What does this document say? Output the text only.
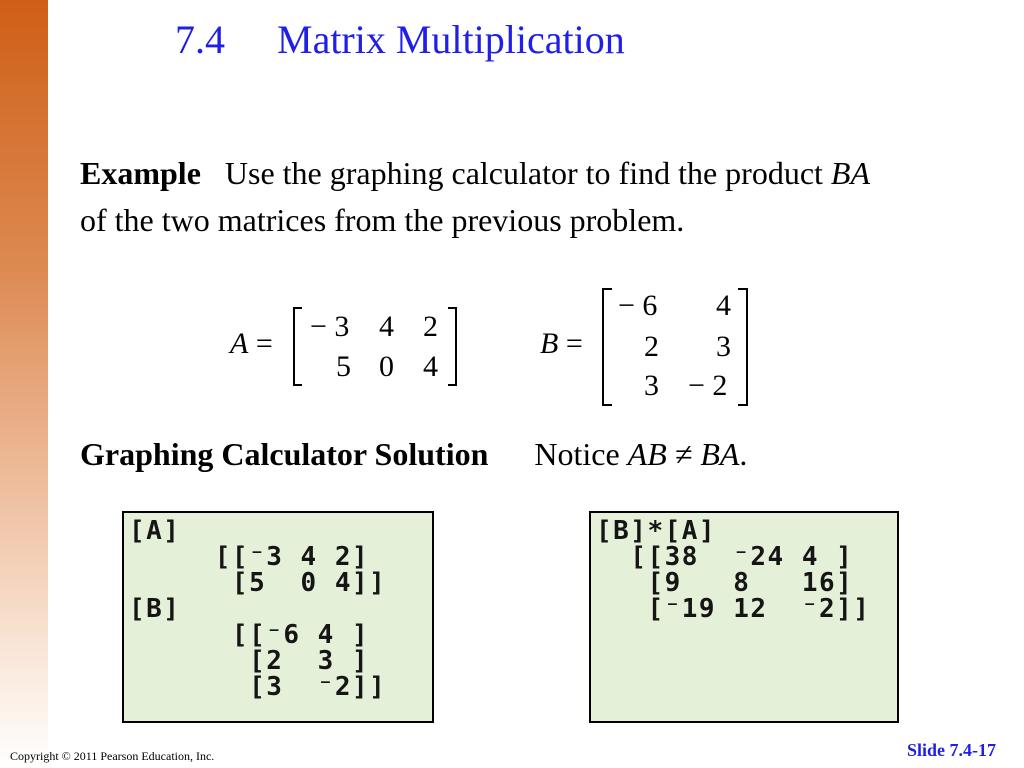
7.4 Matrix Multiplication

Example Use the graphing calculator to find the product BA of the two matrices from the previous problem.

A =
− 3 4 2
5 0 4
B =
− 6 4
2 3
3 − 2

Graphing Calculator Solution Notice AB ≠ BA.

[A]
[[⁻3 4 2]
[5  0 4]]
[B]
[[⁻6 4 ]
[2  3 ]
[3  ⁻2]]
[B]*[A]
[[38  ⁻24 4 ]
[9   8   16]
[⁻19 12  ⁻2]]
Copyright © 2011 Pearson Education, Inc.	Slide 7.4-17
